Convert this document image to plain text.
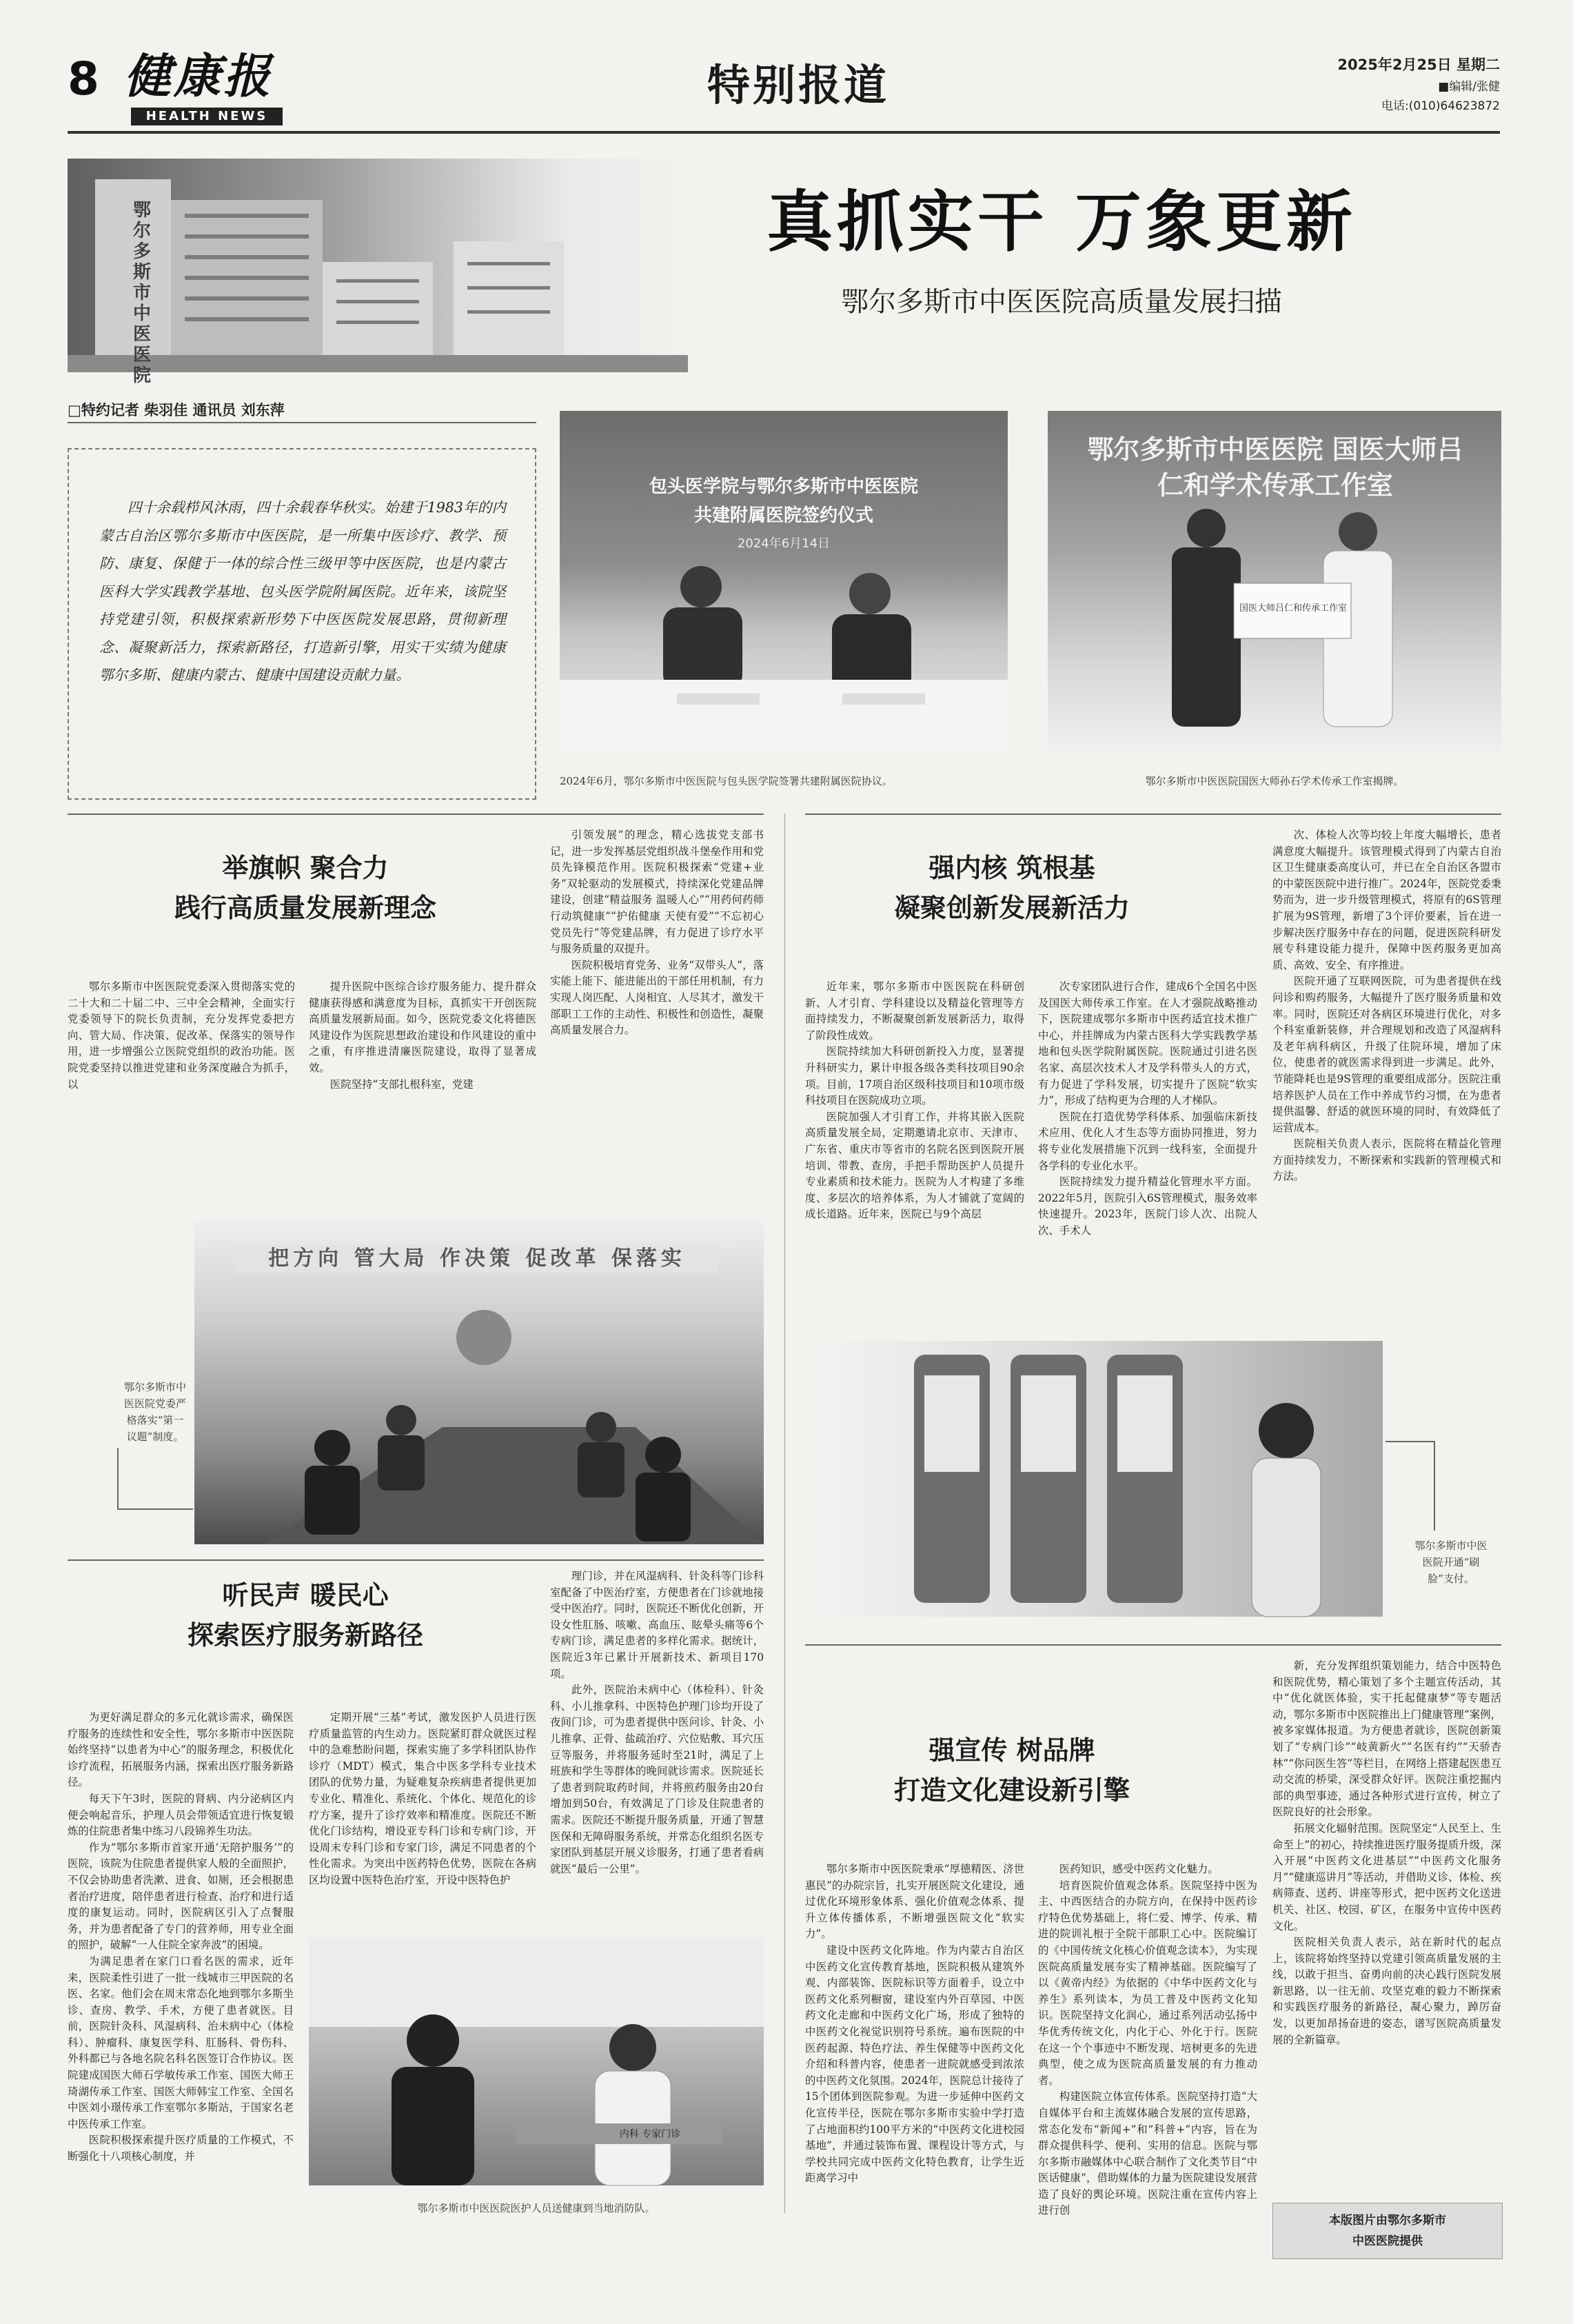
8 健康报
HEALTH NEWS
特别报道	2025年2月25日 星期二
■编辑/张健
电话:(010)64623872
鄂尔多斯市中医医院
真抓实干 万象更新
鄂尔多斯市中医医院高质量发展扫描
□特约记者 柴羽佳 通讯员 刘东萍
四十余载栉风沐雨，四十余载春华秋实。始建于1983年的内蒙古自治区鄂尔多斯市中医医院，是一所集中医诊疗、教学、预防、康复、保健于一体的综合性三级甲等中医医院，也是内蒙古医科大学实践教学基地、包头医学院附属医院。近年来，该院坚持党建引领，积极探索新形势下中医医院发展思路，贯彻新理念、凝聚新活力，探索新路径，打造新引擎，用实干实绩为健康鄂尔多斯、健康内蒙古、健康中国建设贡献力量。
包头医学院与鄂尔多斯市中医医院
共建附属医院签约仪式
2024年6月14日
鄂尔多斯市中医医院 国医大师吕仁和学术传承工作室
国医大师吕仁和传承工作室
2024年6月，鄂尔多斯市中医医院与包头医学院签署共建附属医院协议。	鄂尔多斯市中医医院国医大师孙石学术传承工作室揭牌。
举旗帜 聚合力
践行高质量发展新理念

鄂尔多斯市中医医院党委深入贯彻落实党的二十大和二十届二中、三中全会精神，全面实行党委领导下的院长负责制，充分发挥党委把方向、管大局、作决策、促改革、保落实的领导作用，进一步增强公立医院党组织的政治功能。医院党委坚持以推进党建和业务深度融合为抓手，以

提升医院中医综合诊疗服务能力、提升群众健康获得感和满意度为目标，真抓实干开创医院高质量发展新局面。如今，医院党委文化将德医风建设作为医院思想政治建设和作风建设的重中之重，有序推进清廉医院建设，取得了显著成效。

医院坚持“支部扎根科室，党建

引领发展”的理念，精心选拔党支部书记，进一步发挥基层党组织战斗堡垒作用和党员先锋模范作用。医院积极探索“党建+业务”双轮驱动的发展模式，持续深化党建品牌建设，创建“精益服务 温暖人心”“用药何药师 行动筑健康”“护佑健康 天使有爱”“不忘初心 党员先行”等党建品牌，有力促进了诊疗水平与服务质量的双提升。

医院积极培育党务、业务“双带头人”，落实能上能下、能进能出的干部任用机制，有力实现人岗匹配、人岗相宜、人尽其才，激发干部职工工作的主动性、积极性和创造性，凝聚高质量发展合力。

把方向 管大局 作决策 促改革 保落实
鄂尔多斯市中医医院党委严格落实“第一议题”制度。
强内核 筑根基
凝聚创新发展新活力

近年来，鄂尔多斯市中医医院在科研创新、人才引育、学科建设以及精益化管理等方面持续发力，不断凝聚创新发展新活力，取得了阶段性成效。

医院持续加大科研创新投入力度，显著提升科研实力，累计申报各级各类科技项目90余项。目前，17项自治区级科技项目和10项市级科技项目在医院成功立项。

医院加强人才引育工作，并将其嵌入医院高质量发展全局，定期邀请北京市、天津市、广东省、重庆市等省市的名院名医到医院开展培训、带教、查房，手把手帮助医护人员提升专业素质和技术能力。医院为人才构建了多维度、多层次的培养体系，为人才铺就了宽阔的成长道路。近年来，医院已与9个高层

次专家团队进行合作，建成6个全国名中医及国医大师传承工作室。在人才强院战略推动下，医院建成鄂尔多斯市中医药适宜技术推广中心，并挂牌成为内蒙古医科大学实践教学基地和包头医学院附属医院。医院通过引进名医名家、高层次技术人才及学科带头人的方式，有力促进了学科发展，切实提升了医院“软实力”，形成了结构更为合理的人才梯队。

医院在打造优势学科体系、加强临床新技术应用、优化人才生态等方面协同推进，努力将专业化发展措施下沉到一线科室，全面提升各学科的专业化水平。

医院持续发力提升精益化管理水平方面。2022年5月，医院引入6S管理模式，服务效率快速提升。2023年，医院门诊人次、出院人次、手术人

次、体检人次等均较上年度大幅增长，患者满意度大幅提升。该管理模式得到了内蒙古自治区卫生健康委高度认可，并已在全自治区各盟市的中蒙医医院中进行推广。2024年，医院党委秉势而为，进一步升级管理模式，将原有的6S管理扩展为9S管理，新增了3个评价要素，旨在进一步解决医疗服务中存在的问题，促进医院科研发展专科建设能力提升，保障中医药服务更加高质、高效、安全、有序推进。

医院开通了互联网医院，可为患者提供在线问诊和购药服务，大幅提升了医疗服务质量和效率。同时，医院还对各病区环境进行优化，对多个科室重新装修，并合理规划和改造了风湿病科及老年病科病区，升级了住院环境，增加了床位，使患者的就医需求得到进一步满足。此外，节能降耗也是9S管理的重要组成部分。医院注重培养医护人员在工作中养成节约习惯，在为患者提供温馨、舒适的就医环境的同时，有效降低了运营成本。

医院相关负责人表示，医院将在精益化管理方面持续发力，不断探索和实践新的管理模式和方法。

鄂尔多斯市中医医院开通“刷脸”支付。
听民声 暖民心
探索医疗服务新路径

为更好满足群众的多元化就诊需求，确保医疗服务的连续性和安全性，鄂尔多斯市中医医院始终坚持“以患者为中心”的服务理念，积极优化诊疗流程，拓展服务内涵，探索出医疗服务新路径。

每天下午3时，医院的肾病、内分泌病区内便会响起音乐，护理人员会带领适宜进行恢复锻炼的住院患者集中练习八段锦养生功法。

作为“鄂尔多斯市首家开通‘无陪护服务’”的医院，该院为住院患者提供家人般的全面照护，不仅会协助患者洗漱、进食、如厕，还会根据患者治疗进度，陪伴患者进行检查、治疗和进行适度的康复运动。同时，医院病区引入了点餐服务，并为患者配备了专门的营养师，用专业全面的照护，破解“一人住院全家奔波”的困境。

为满足患者在家门口看名医的需求，近年来，医院柔性引进了一批一线城市三甲医院的名医、名家。他们会在周末常态化地到鄂尔多斯坐诊、查房、教学、手术，方便了患者就医。目前，医院针灸科、风湿病科、治未病中心（体检科）、肿瘤科、康复医学科、肛肠科、骨伤科、外科都已与各地名院名科名医签订合作协议。医院建成国医大师石学敏传承工作室、国医大师王琦湖传承工作室、国医大师韩宝工作室、全国名中医刘小璟传承工作室鄂尔多斯站，于国家名老中医传承工作室。

医院积极探索提升医疗质量的工作模式，不断强化十八项核心制度，并

定期开展“三基”考试，激发医护人员进行医疗质量监管的内生动力。医院紧盯群众就医过程中的急难愁盼问题，探索实施了多学科团队协作诊疗（MDT）模式，集合中医多学科专业技术团队的优势力量，为疑难复杂疾病患者提供更加专业化、精准化、系统化、个体化、规范化的诊疗方案，提升了诊疗效率和精准度。医院还不断优化门诊结构，增设亚专科门诊和专病门诊，开设周末专科门诊和专家门诊，满足不同患者的个性化需求。为突出中医药特色优势，医院在各病区均设置中医特色治疗室，开设中医特色护

理门诊，并在风湿病科、针灸科等门诊科室配备了中医治疗室，方便患者在门诊就地接受中医治疗。同时，医院还不断优化创新，开设女性肛肠、咳嗽、高血压、眩晕头痛等6个专病门诊，满足患者的多样化需求。据统计，医院近3年已累计开展新技术、新项目170项。

此外，医院治未病中心（体检科）、针灸科、小儿推拿科、中医特色护理门诊均开设了夜间门诊，可为患者提供中医问诊、针灸、小儿推拿、正骨、盐疏治疗、穴位贴敷、耳穴压豆等服务，并将服务延时至21时，满足了上班族和学生等群体的晚间就诊需求。医院延长了患者到院取药时间，并将煎药服务由20台增加到50台，有效满足了门诊及住院患者的需求。医院还不断提升服务质量，开通了智慧医保和无障碍服务系统，并常态化组织名医专家团队到基层开展义诊服务，打通了患者看病就医“最后一公里”。

内科 专家门诊
鄂尔多斯市中医医院医护人员送健康到当地消防队。
强宣传 树品牌
打造文化建设新引擎

鄂尔多斯市中医医院秉承“厚德精医、济世惠民”的办院宗旨，扎实开展医院文化建设，通过优化环境形象体系、强化价值观念体系、提升立体传播体系，不断增强医院文化“软实力”。

建设中医药文化阵地。作为内蒙古自治区中医药文化宣传教育基地，医院积极从建筑外观、内部装饰、医院标识等方面着手，设立中医药文化系列橱窗，建设室内外百草园、中医药文化走廊和中医药文化广场，形成了独特的中医药文化视觉识别符号系统。遍布医院的中医药起源、特色疗法、养生保健等中医药文化介绍和科普内容，使患者一进院就感受到浓浓的中医药文化氛围。2024年，医院总计接待了15个团体到医院参观。为进一步延伸中医药文化宣传半径，医院在鄂尔多斯市实验中学打造了占地面积约100平方米的“中医药文化进校园基地”，并通过装饰布置、课程设计等方式，与学校共同完成中医药文化特色教育，让学生近距离学习中

医药知识，感受中医药文化魅力。

培育医院价值观念体系。医院坚持中医为主、中西医结合的办院方向，在保持中医药诊疗特色优势基础上，将仁爱、博学、传承、精进的院训礼根于全院干部职工心中。医院编订的《中国传统文化核心价值观念读本》，为实现医院高质量发展夯实了精神基础。医院编写了以《黄帝内经》为依据的《中华中医药文化与养生》系列读本，为员工普及中医药文化知识。医院坚持文化润心，通过系列活动弘扬中华优秀传统文化，内化于心、外化于行。医院在这一个个事迹中不断发现、培树更多的先进典型，使之成为医院高质量发展的有力推动者。

构建医院立体宣传体系。医院坚持打造“大自媒体平台和主流媒体融合发展的宣传思路，常态化发布“新闻+”和“科普+”内容，旨在为群众提供科学、便利、实用的信息。医院与鄂尔多斯市融媒体中心联合制作了文化类节目“中医话健康”，借助媒体的力量为医院建设发展营造了良好的舆论环境。医院注重在宣传内容上进行创

新，充分发挥组织策划能力，结合中医特色和医院优势，精心策划了多个主题宣传活动，其中“优化就医体验，实干托起健康梦”等专题活动，鄂尔多斯市中医院推出上门健康管理“案例，被多家媒体报道。为方便患者就诊，医院创新策划了“专病门诊”“岐黄新火”“名医有约”“天骄杏林”“你问医生答”等栏目，在网络上搭建起医患互动交流的桥梁，深受群众好评。医院注重挖掘内部的典型事迹，通过各种形式进行宣传，树立了医院良好的社会形象。

拓展文化辐射范围。医院坚定“人民至上、生命至上”的初心，持续推进医疗服务提质升级，深入开展“中医药文化进基层”“中医药文化服务月”“健康巡讲月”等活动，并借助义诊、体检、疾病筛查、送药、讲座等形式，把中医药文化送进机关、社区、校园、矿区，在服务中宣传中医药文化。

医院相关负责人表示，站在新时代的起点上，该院将始终坚持以党建引领高质量发展的主线，以敢于担当、奋勇向前的决心践行医院发展新思路，以一往无前、攻坚克难的毅力不断探索和实践医疗服务的新路径，凝心聚力，踔厉奋发，以更加昂扬奋进的姿态，谱写医院高质量发展的全新篇章。

本版图片由鄂尔多斯市
中医医院提供
